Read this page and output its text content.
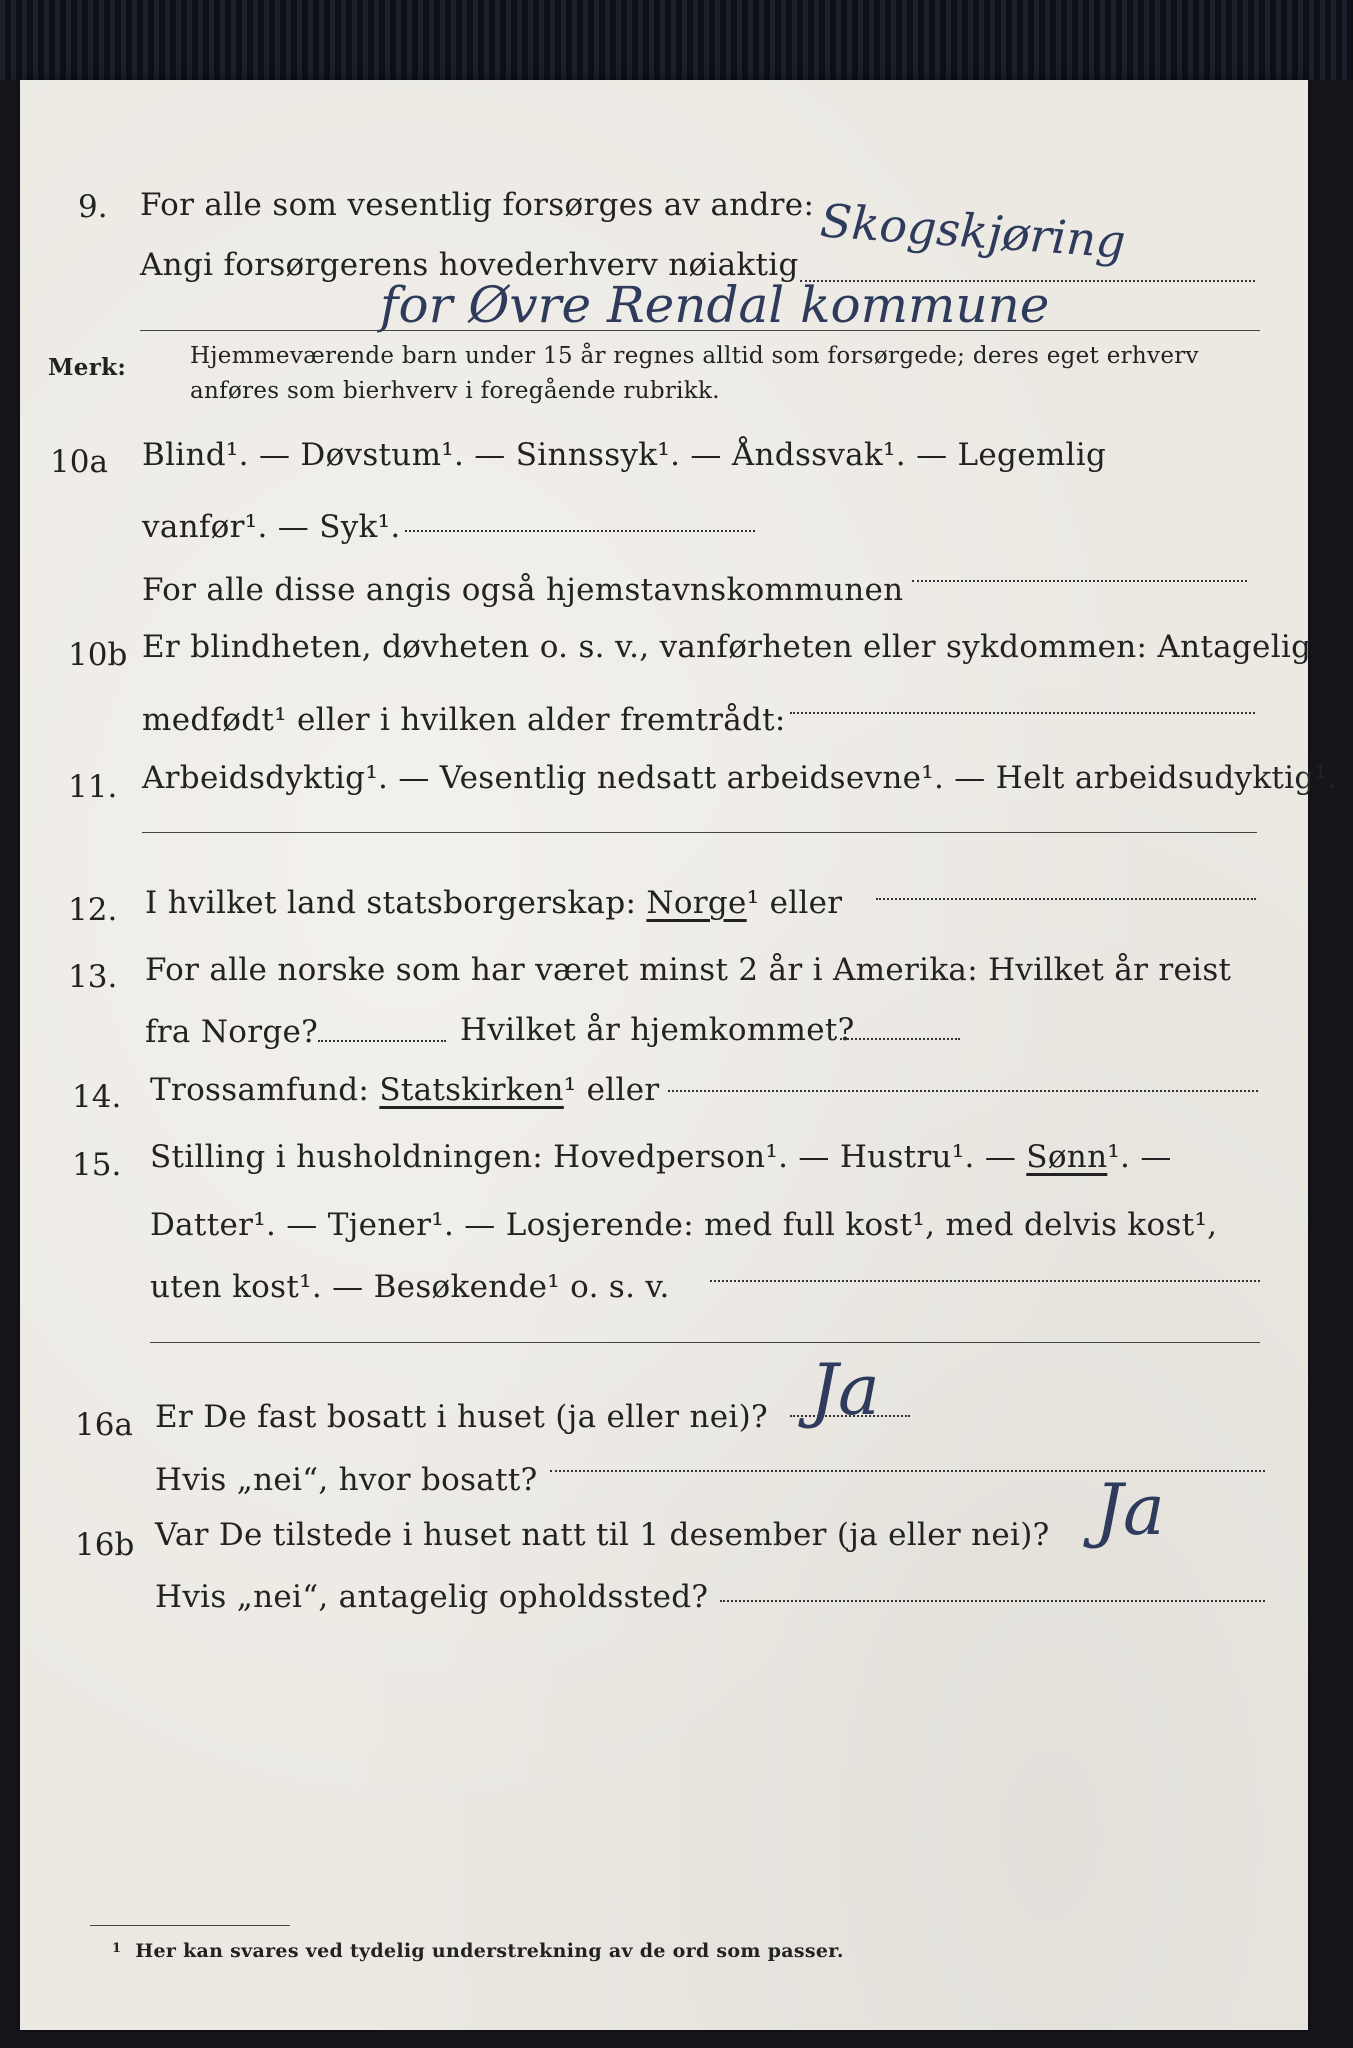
9. For alle som vesentlig forsørges av andre:
Angi forsørgerens hovederhverv nøiaktig Skogskjøring
for Øvre Rendal kommune
Merk:	Hjemmeværende barn under 15 år regnes alltid som forsørgede; deres eget erhverv
anføres som bierhverv i foregående rubrikk.
10a Blind¹. — Døvstum¹. — Sinnssyk¹. — Åndssvak¹. — Legemlig
vanfør¹. — Syk¹.
For alle disse angis også hjemstavnskommunen
10b Er blindheten, døvheten o. s. v., vanførheten eller sykdommen: Antagelig
medfødt¹ eller i hvilken alder fremtrådt:
11. Arbeidsdyktig¹. — Vesentlig nedsatt arbeidsevne¹. — Helt arbeidsudyktig¹.
12. I hvilket land statsborgerskap: Norge¹ eller
13. For alle norske som har været minst 2 år i Amerika: Hvilket år reist
fra Norge?	Hvilket år hjemkommet?
14. Trossamfund: Statskirken¹ eller
15. Stilling i husholdningen: Hovedperson¹. — Hustru¹. — Sønn¹. —
Datter¹. — Tjener¹. — Losjerende: med full kost¹, med delvis kost¹,
uten kost¹. — Besøkende¹ o. s. v.
16a Er De fast bosatt i huset (ja eller nei)? Ja
Hvis „nei“, hvor bosatt?
16b Var De tilstede i huset natt til 1 desember (ja eller nei)? Ja
Hvis „nei“, antagelig opholdssted?
$^1$ Her kan svares ved tydelig understrekning av de ord som passer.
